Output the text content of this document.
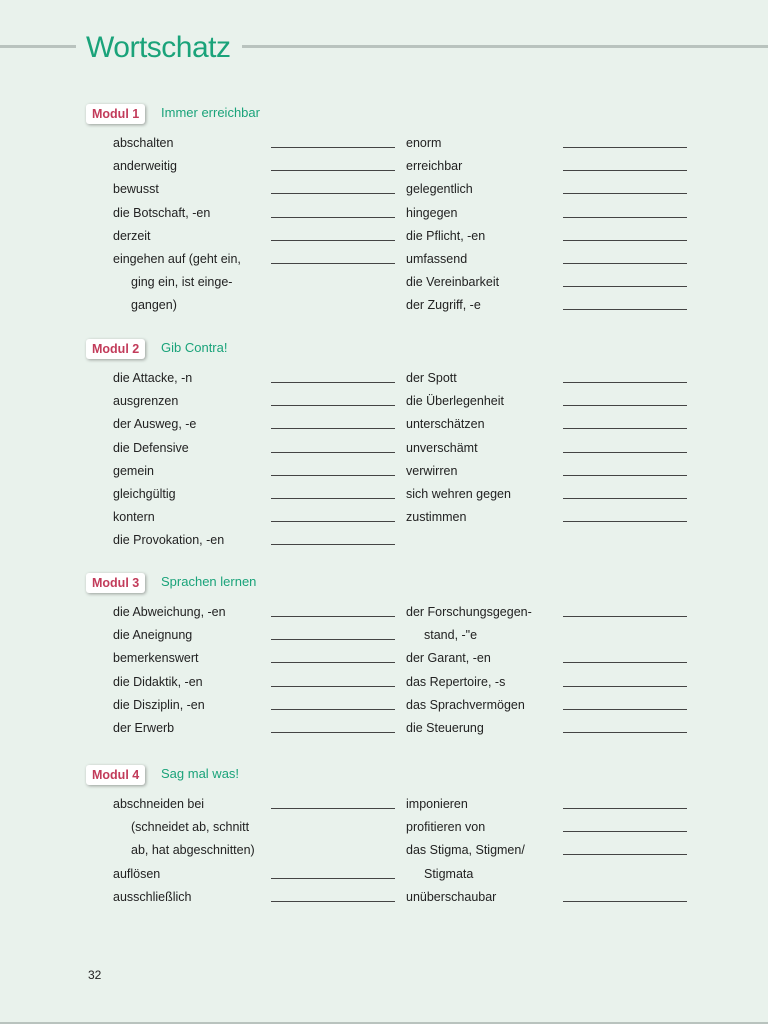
Wortschatz
Modul 1	Immer erreichbar
abschalten
anderweitig
bewusst
die Botschaft, -en
derzeit
eingehen auf (geht ein,
ging ein, ist einge-
gangen)
enorm
erreichbar
gelegentlich
hingegen
die Pflicht, -en
umfassend
die Vereinbarkeit
der Zugriff, -e
Modul 2	Gib Contra!
die Attacke, -n
ausgrenzen
der Ausweg, -e
die Defensive
gemein
gleichgültig
kontern
die Provokation, -en
der Spott
die Überlegenheit
unterschätzen
unverschämt
verwirren
sich wehren gegen
zustimmen
Modul 3	Sprachen lernen
die Abweichung, -en
die Aneignung
bemerkenswert
die Didaktik, -en
die Disziplin, -en
der Erwerb
der Forschungsgegen-
stand, -"e
der Garant, -en
das Repertoire, -s
das Sprachvermögen
die Steuerung
Modul 4	Sag mal was!
abschneiden bei
(schneidet ab, schnitt
ab, hat abgeschnitten)
auflösen
ausschließlich
imponieren
profitieren von
das Stigma, Stigmen/
Stigmata
unüberschaubar
32
